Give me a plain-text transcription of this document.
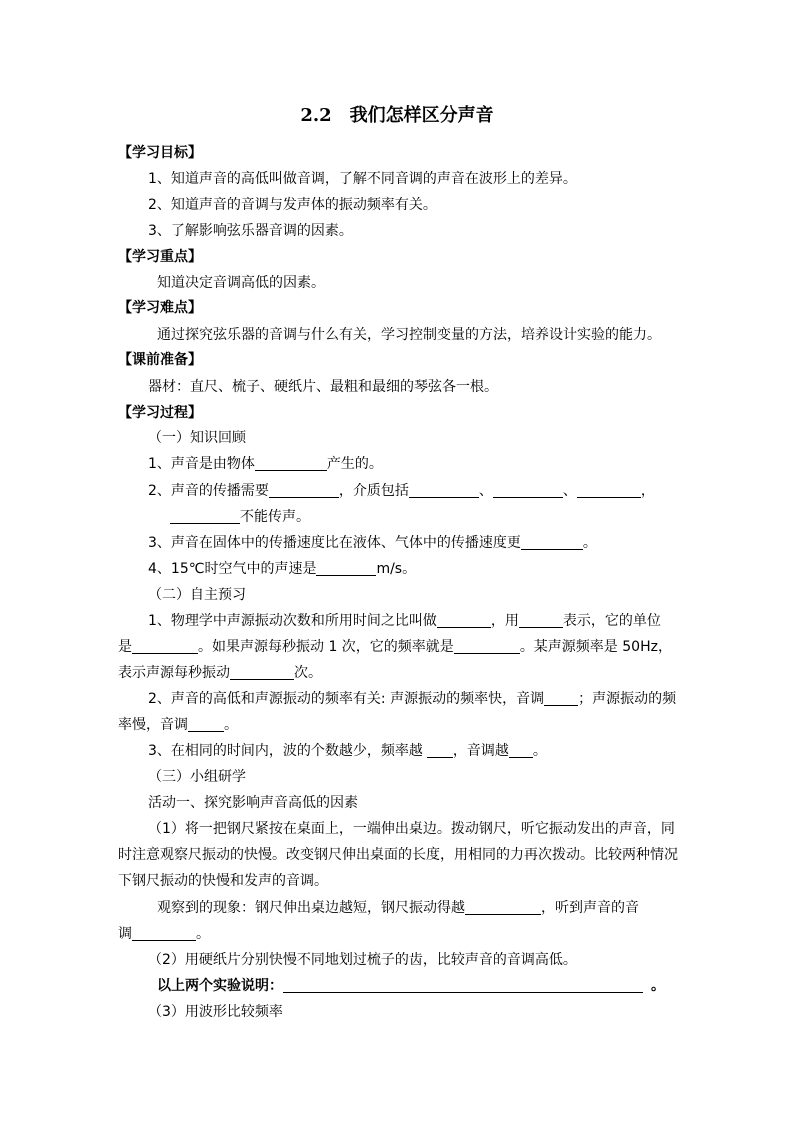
2.2　我们怎样区分声音
【学习目标】
1、知道声音的高低叫做音调，了解不同音调的声音在波形上的差异。
2、知道声音的音调与发声体的振动频率有关。
3、了解影响弦乐器音调的因素。
【学习重点】
知道决定音调高低的因素。
【学习难点】
通过探究弦乐器的音调与什么有关，学习控制变量的方法，培养设计实验的能力。
【课前准备】
器材：直尺、梳子、硬纸片、最粗和最细的琴弦各一根。
【学习过程】
（一）知识回顾
1、声音是由物体	产生的。
2、声音的传播需要	，介质包括	、	、	，
不能传声。
3、声音在固体中的传播速度比在液体、气体中的传播速度更	。
4、15℃时空气中的声速是	m/s。
（二）自主预习
1、物理学中声源振动次数和所用时间之比叫做	，用	表示，它的单位
是	。如果声源每秒振动 1 次，它的频率就是	。某声源频率是 50Hz，
表示声源每秒振动	次。
2、声音的高低和声源振动的频率有关: 声源振动的频率快，音调 ；声源振动的频
率慢，音调	。
3、在相同的时间内，波的个数越少，频率越 ，音调越 。
（三）小组研学
活动一、探究影响声音高低的因素
（1）将一把钢尺紧按在桌面上，一端伸出桌边。拨动钢尺，听它振动发出的声音，同
时注意观察尺振动的快慢。改变钢尺伸出桌面的长度，用相同的力再次拨动。比较两种情况
下钢尺振动的快慢和发声的音调。
观察到的现象：钢尺伸出桌边越短，钢尺振动得越	，听到声音的音
调	。
（2）用硬纸片分别快慢不同地划过梳子的齿，比较声音的音调高低。
以上两个实验说明：	。
（3）用波形比较频率
